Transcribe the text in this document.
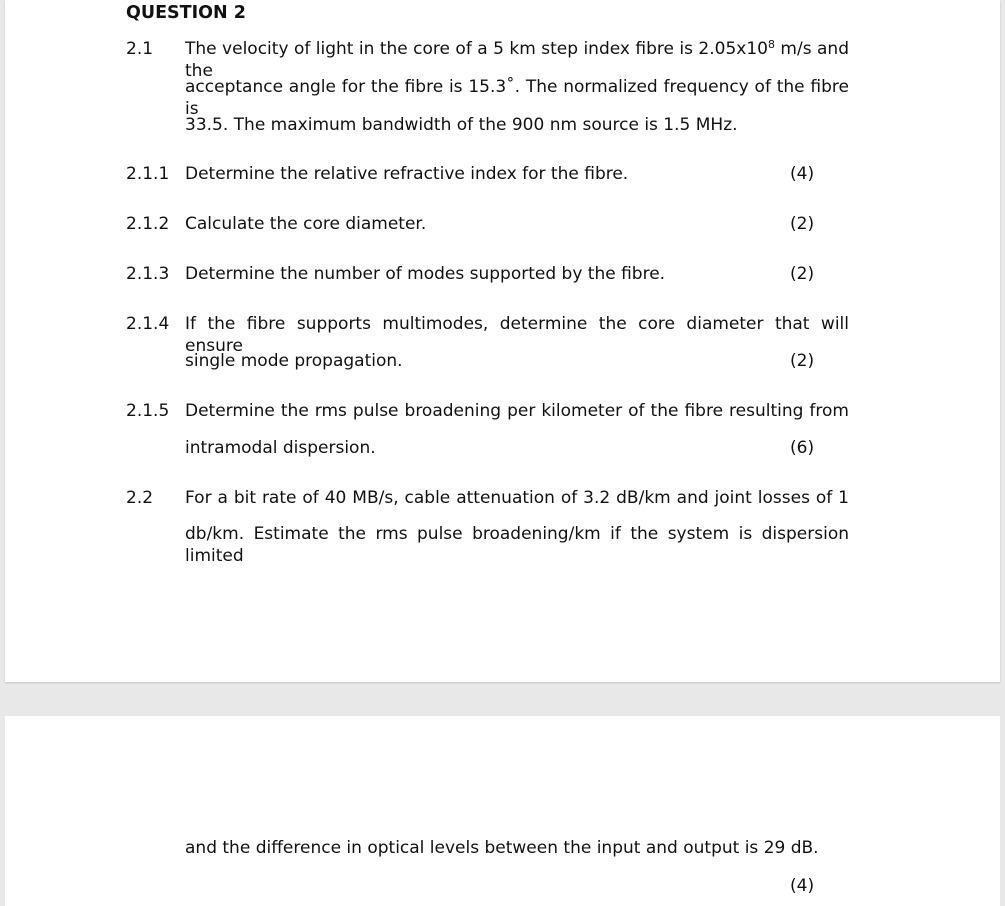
QUESTION 2
2.1 The velocity of light in the core of a 5 km step index fibre is $2.05x10^8$ m/s and the
acceptance angle for the fibre is 15.3˚. The normalized frequency of the fibre is
33.5. The maximum bandwidth of the 900 nm source is 1.5 MHz.
2.1.1 Determine the relative refractive index for the fibre.	(4)
2.1.2 Calculate the core diameter.	(2)
2.1.3 Determine the number of modes supported by the fibre.	(2)
2.1.4 If the fibre supports multimodes, determine the core diameter that will ensure
single mode propagation.	(2)
2.1.5 Determine the rms pulse broadening per kilometer of the fibre resulting from
intramodal dispersion.	(6)
2.2 For a bit rate of 40 MB/s, cable attenuation of 3.2 dB/km and joint losses of 1
db/km. Estimate the rms pulse broadening/km if the system is dispersion limited
and the difference in optical levels between the input and output is 29 dB.
(4)
